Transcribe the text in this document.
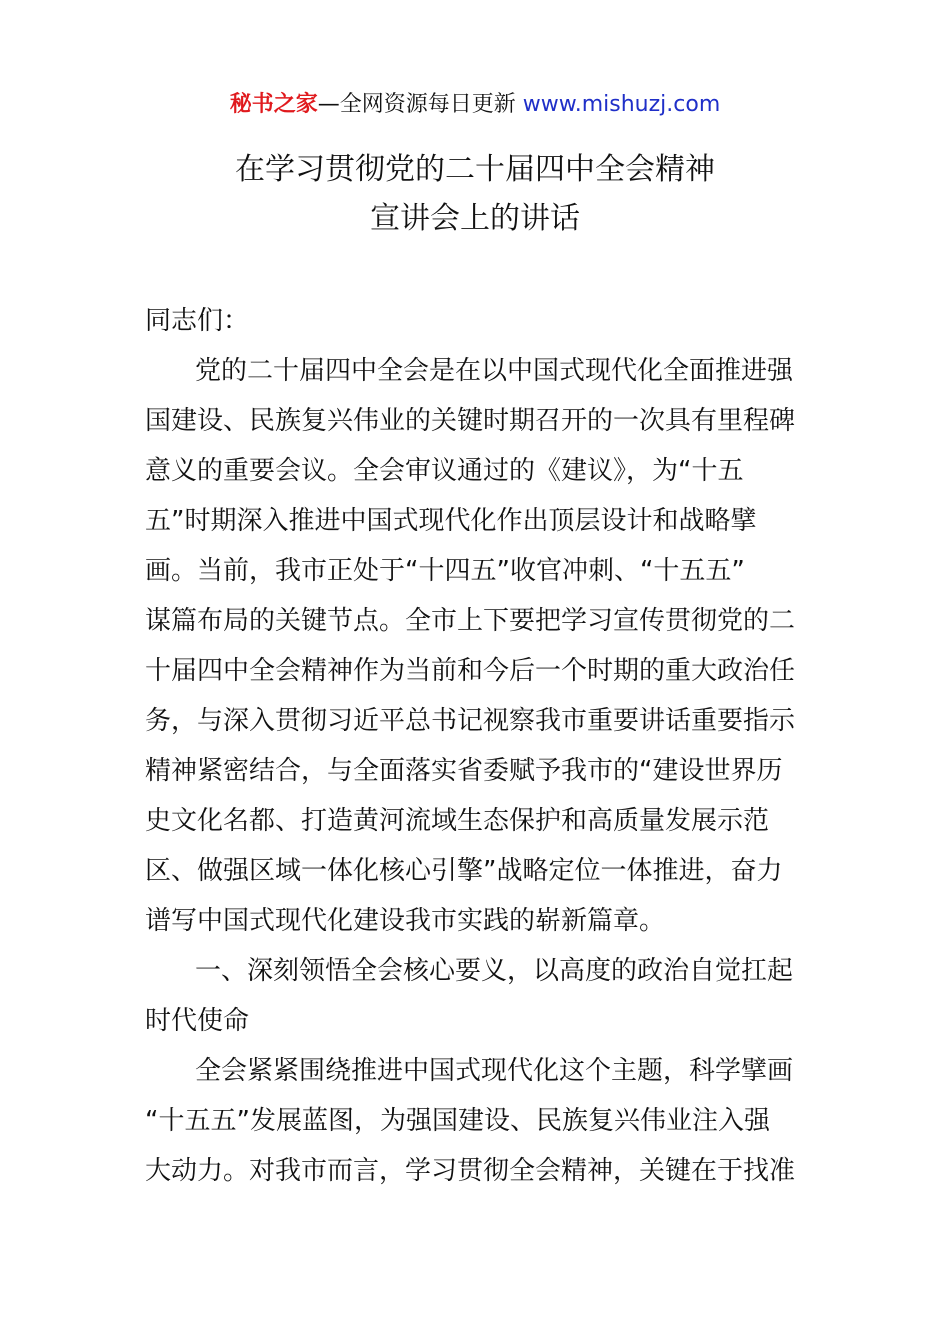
秘书之家—全网资源每日更新 www.mishuzj.com
在学习贯彻党的二十届四中全会精神
宣讲会上的讲话
同志们：
党的二十届四中全会是在以中国式现代化全面推进强
国建设、民族复兴伟业的关键时期召开的一次具有里程碑
意义的重要会议。全会审议通过的《建议》，为“十五
五”时期深入推进中国式现代化作出顶层设计和战略擘
画。当前，我市正处于“十四五”收官冲刺、“十五五”
谋篇布局的关键节点。全市上下要把学习宣传贯彻党的二
十届四中全会精神作为当前和今后一个时期的重大政治任
务，与深入贯彻习近平总书记视察我市重要讲话重要指示
精神紧密结合，与全面落实省委赋予我市的“建设世界历
史文化名都、打造黄河流域生态保护和高质量发展示范
区、做强区域一体化核心引擎”战略定位一体推进，奋力
谱写中国式现代化建设我市实践的崭新篇章。
一、深刻领悟全会核心要义，以高度的政治自觉扛起
时代使命
全会紧紧围绕推进中国式现代化这个主题，科学擘画
“十五五”发展蓝图，为强国建设、民族复兴伟业注入强
大动力。对我市而言，学习贯彻全会精神，关键在于找准
